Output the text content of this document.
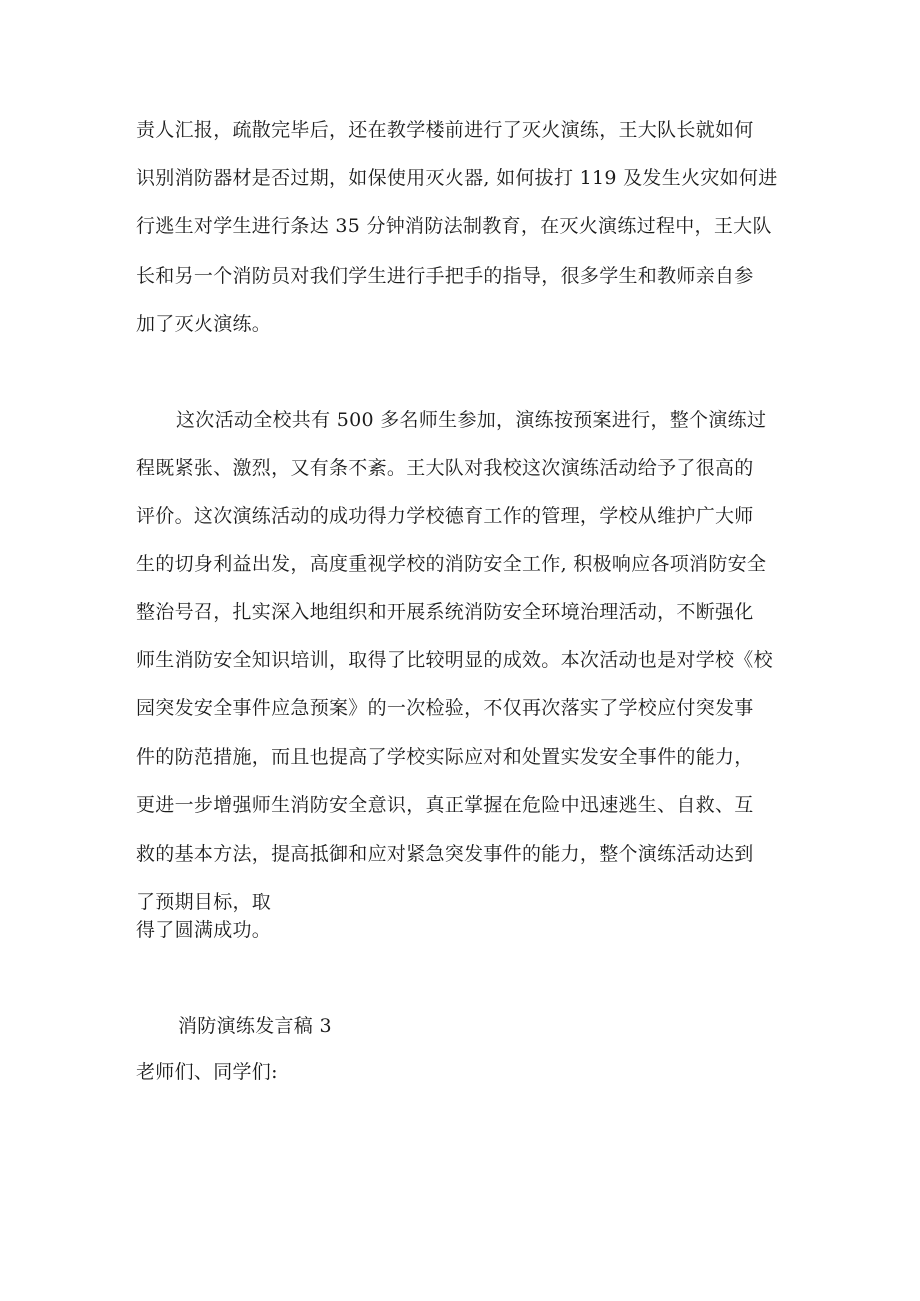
责人汇报，疏散完毕后，还在教学楼前进行了灭火演练，王大队长就如何
识别消防器材是否过期，如保使用灭火器, 如何拔打 119 及发生火灾如何进
行逃生对学生进行条达 35 分钟消防法制教育，在灭火演练过程中，王大队
长和另一个消防员对我们学生进行手把手的指导，很多学生和教师亲自参
加了灭火演练。
这次活动全校共有 500 多名师生参加，演练按预案进行，整个演练过
程既紧张、激烈，又有条不紊。王大队对我校这次演练活动给予了很高的
评价。这次演练活动的成功得力学校德育工作的管理，学校从维护广大师
生的切身利益出发，高度重视学校的消防安全工作, 积极响应各项消防安全
整治号召，扎实深入地组织和开展系统消防安全环境治理活动，不断强化
师生消防安全知识培训，取得了比较明显的成效。本次活动也是对学校《校
园突发安全事件应急预案》的一次检验，不仅再次落实了学校应付突发事
件的防范措施，而且也提高了学校实际应对和处置实发安全事件的能力，
更进一步增强师生消防安全意识，真正掌握在危险中迅速逃生、自救、互
救的基本方法，提高抵御和应对紧急突发事件的能力，整个演练活动达到
了预期目标，取
得了圆满成功。
消防演练发言稿 3
老师们、同学们:
